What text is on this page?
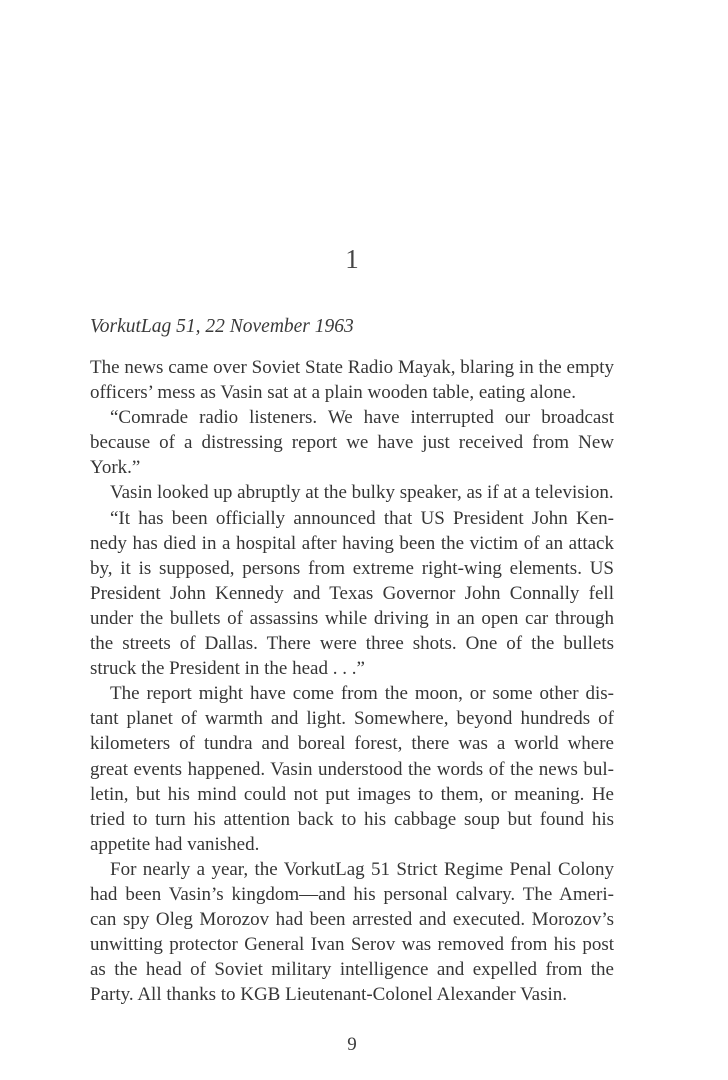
1
VorkutLag 51, 22 November 1963
The news came over Soviet State Radio Mayak, blaring in the empty
officers’ mess as Vasin sat at a plain wooden table, eating alone.
“Comrade radio listeners. We have interrupted our broadcast
because of a distressing report we have just received from New
York.”
Vasin looked up abruptly at the bulky speaker, as if at a television.
“It has been officially announced that US President John Ken-
nedy has died in a hospital after having been the victim of an attack
by, it is supposed, persons from extreme right-wing elements. US
President John Kennedy and Texas Governor John Connally fell
under the bullets of assassins while driving in an open car through
the streets of Dallas. There were three shots. One of the bullets
struck the President in the head . . .”
The report might have come from the moon, or some other dis-
tant planet of warmth and light. Somewhere, beyond hundreds of
kilometers of tundra and boreal forest, there was a world where
great events happened. Vasin understood the words of the news bul-
letin, but his mind could not put images to them, or meaning. He
tried to turn his attention back to his cabbage soup but found his
appetite had vanished.
For nearly a year, the VorkutLag 51 Strict Regime Penal Colony
had been Vasin’s kingdom—and his personal calvary. The Ameri-
can spy Oleg Morozov had been arrested and executed. Morozov’s
unwitting protector General Ivan Serov was removed from his post
as the head of Soviet military intelligence and expelled from the
Party. All thanks to KGB Lieutenant-Colonel Alexander Vasin.
9
